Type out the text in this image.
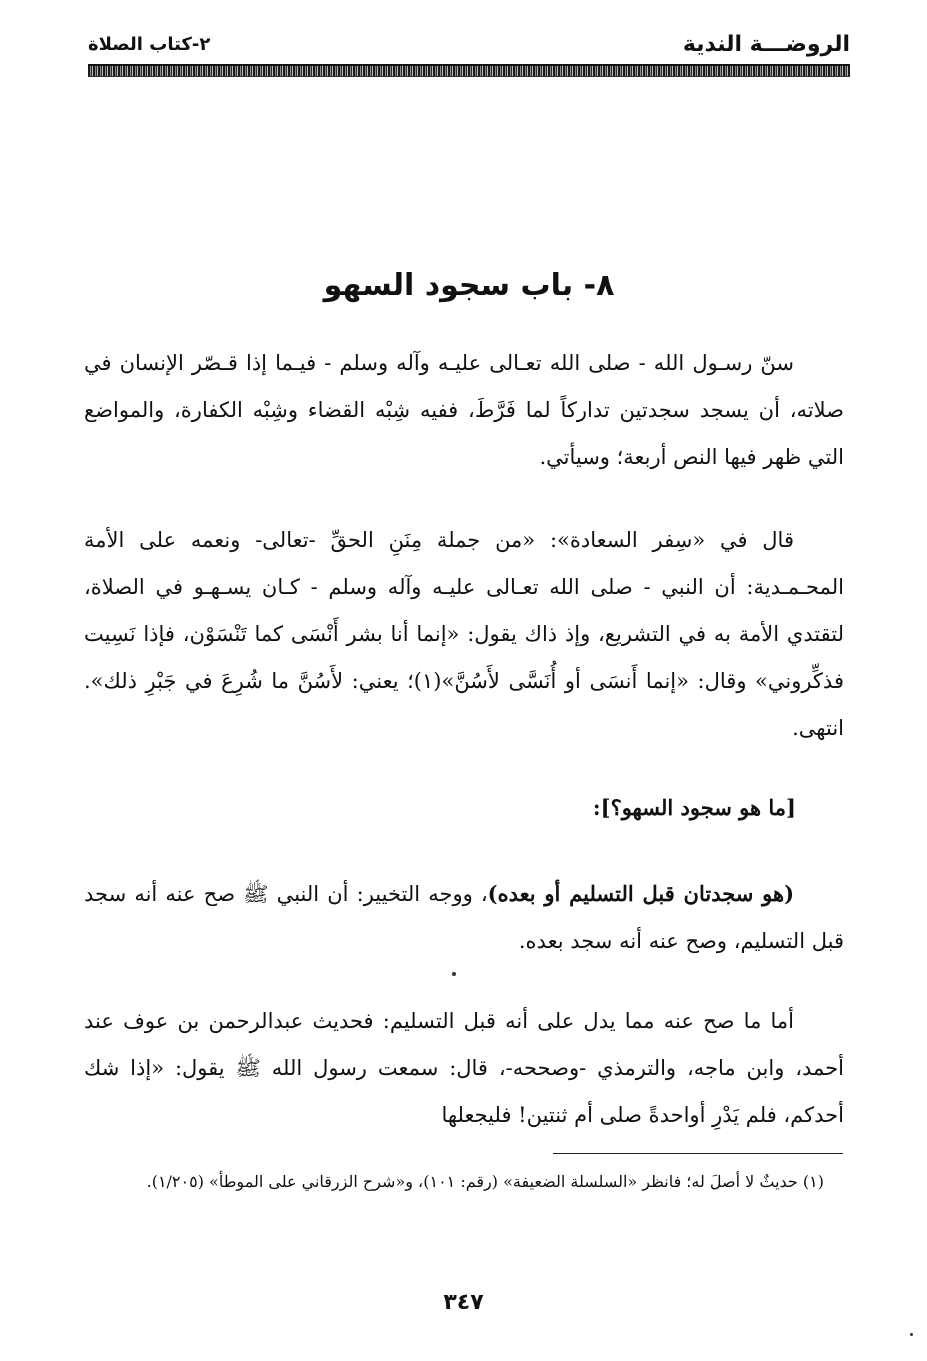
الروضـــة الندية
٢-كتاب الصلاة
٨- باب سجود السهو
سنّ رسـول الله - صلى الله تعـالى عليـه وآله وسلم - فيـما إذا قـصّر الإنسان في صلاته، أن يسجد سجدتين تداركاً لما فَرَّطَ، ففيه شِبْه القضاء وشِبْه الكفارة، والمواضع التي ظهر فيها النص أربعة؛ وسيأتي.
قال في «سِفر السعادة»: «من جملة مِنَنِ الحقِّ -تعالى- ونعمه على الأمة المحـمـدية: أن النبي - صلى الله تعـالى عليـه وآله وسلم - كـان يسـهـو في الصلاة، لتقتدي الأمة به في التشريع، وإذ ذاك يقول: «إنما أنا بشر أَنْسَى كما تَنْسَوْن، فإذا نَسِيت فذكِّروني» وقال: «إنما أَنسَى أو أُنَسَّى لأَسُنَّ»(١)؛ يعني: لأَسُنَّ ما شُرِعَ في جَبْرِ ذلك». انتهى.
[ما هو سجود السهو؟]:
(هو سجدتان قبل التسليم أو بعده)، ووجه التخيير: أن النبي ﷺ صح عنه أنه سجد قبل التسليم، وصح عنه أنه سجد بعده.
أما ما صح عنه مما يدل على أنه قبل التسليم: فحديث عبدالرحمن بن عوف عند أحمد، وابن ماجه، والترمذي -وصححه-، قال: سمعت رسول الله ﷺ يقول: «إذا شك أحدكم، فلم يَدْرِ أواحدةً صلى أم ثنتين! فليجعلها
(١) حديثٌ لا أصلَ له؛ فانظر «السلسلة الضعيفة» (رقم: ١٠١)، و«شرح الزرقاني على الموطأ» (١/٢٠٥).
٣٤٧
